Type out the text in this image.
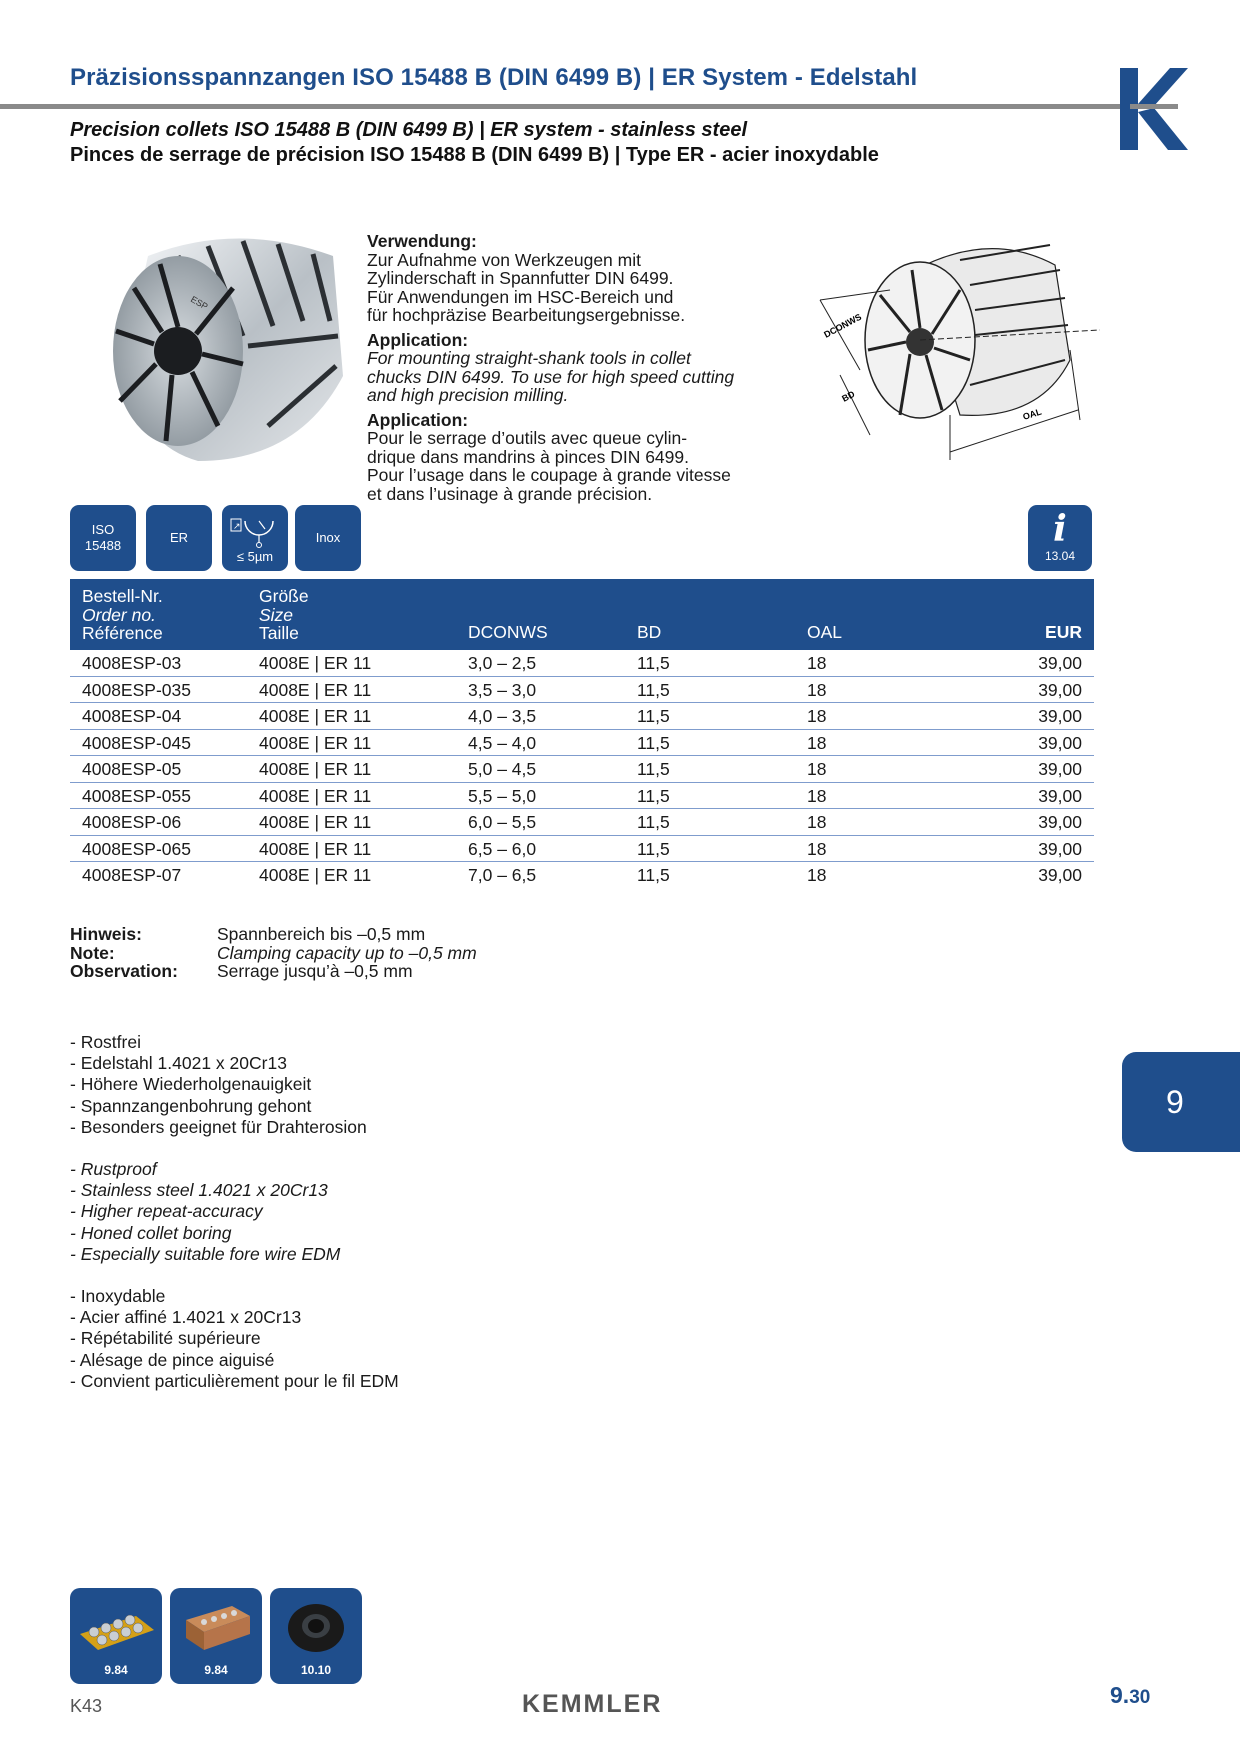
Präzisionsspannzangen ISO 15488 B (DIN 6499 B) | ER System - Edelstahl
Precision collets ISO 15488 B (DIN 6499 B) | ER system - stainless steel
Pinces de serrage de précision ISO 15488 B (DIN 6499 B) | Type ER - acier inoxydable
ESP
Verwendung:
Zur Aufnahme von Werkzeugen mit
Zylinderschaft in Spannfutter DIN 6499.
Für Anwendungen im HSC-Bereich und
für hochpräzise Bearbeitungsergebnisse.
Application:
For mounting straight-shank tools in collet
chucks DIN 6499. To use for high speed cutting
and high precision milling.
Application:
Pour le serrage d’outils avec queue cylin-
drique dans mandrins à pinces DIN 6499.
Pour l’usage dans le coupage à grande vitesse
et dans l’usinage à grande précision.
DCONWS
BD
OAL
ISO
15488
ER
↗
≤ 5µm
Inox	i
13.04
Bestell-Nr.
Order no.
Référence
Größe
Size
Taille	DCONWS	BD	OAL	EUR
4008ESP-03	4008E | ER 11	3,0 – 2,5	11,5	18	39,00
4008ESP-035	4008E | ER 11	3,5 – 3,0	11,5	18	39,00
4008ESP-04	4008E | ER 11	4,0 – 3,5	11,5	18	39,00
4008ESP-045	4008E | ER 11	4,5 – 4,0	11,5	18	39,00
4008ESP-05	4008E | ER 11	5,0 – 4,5	11,5	18	39,00
4008ESP-055	4008E | ER 11	5,5 – 5,0	11,5	18	39,00
4008ESP-06	4008E | ER 11	6,0 – 5,5	11,5	18	39,00
4008ESP-065	4008E | ER 11	6,5 – 6,0	11,5	18	39,00
4008ESP-07	4008E | ER 11	7,0 – 6,5	11,5	18	39,00
Hinweis:	Spannbereich bis –0,5 mm
Note:	Clamping capacity up to –0,5 mm
Observation: Serrage jusqu’à –0,5 mm
- Rostfrei
- Edelstahl 1.4021 x 20Cr13
- Höhere Wiederholgenauigkeit
- Spannzangenbohrung gehont
- Besonders geeignet für Drahterosion
- Rustproof
- Stainless steel 1.4021 x 20Cr13
- Higher repeat-accuracy
- Honed collet boring
- Especially suitable fore wire EDM
- Inoxydable
- Acier affiné 1.4021 x 20Cr13
- Répétabilité supérieure
- Alésage de pince aiguisé
- Convient particulièrement pour le fil EDM
9
9.84	9.84	10.10
K43	KEMMLER	9.30
